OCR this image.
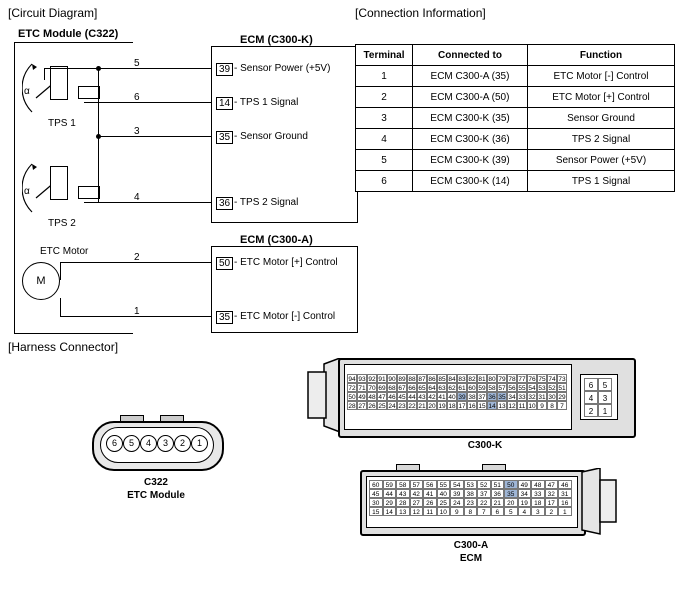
[Circuit Diagram]	[Connection Information]
[Harness Connector]
ETC Module (C322)	ECM (C300-K)
ECM (C300-A)
α
TPS 1
α
TPS 2
ETC Motor
M
5
6
3
4
2
1
39 - Sensor Power (+5V)
14 - TPS 1 Signal
35 - Sensor Ground
36 - TPS 2 Signal
50 - ETC Motor [+] Control
35 - ETC Motor [-] Control
Terminal	Connected to	Function
1	ECM C300-A (35)	ETC Motor [-] Control
2	ECM C300-A (50)	ETC Motor [+] Control
3	ECM C300-K (35)	Sensor Ground
4	ECM C300-K (36)	TPS 2 Signal
5	ECM C300-K (39)	Sensor Power (+5V)
6	ECM C300-K (14)	TPS 1 Signal
6	5	4	3	2	1
C322
ETC Module
94 93 92 91 90 89 88 87 86 85 84 83 82 81 80 79 78 77 76 75 74 73
72 71 70 69 68 67 66 65 64 63 62 61 60 59 58 57 56 55 54 53 52 51
50 49 48 47 46 45 44 43 42 41 40 39 38 37 36 35 34 33 32 31 30 29
28 27 26 25 24 23 22 21 20 19 18 17 16 15 14 13 12 11 10 9 8 7
6	5
4	3
2	1
C300-K
60 59 58 57 56 55 54 53 52 51 50 49 48 47 46
45 44 43 42 41 40 39 38 37 36 35 34 33 32 31
30 29 28 27 26 25 24 23 22 21 20 19 18 17 16
15 14 13 12	11	10	9	8	7	6	5	4	3	2	1
C300-A
ECM
